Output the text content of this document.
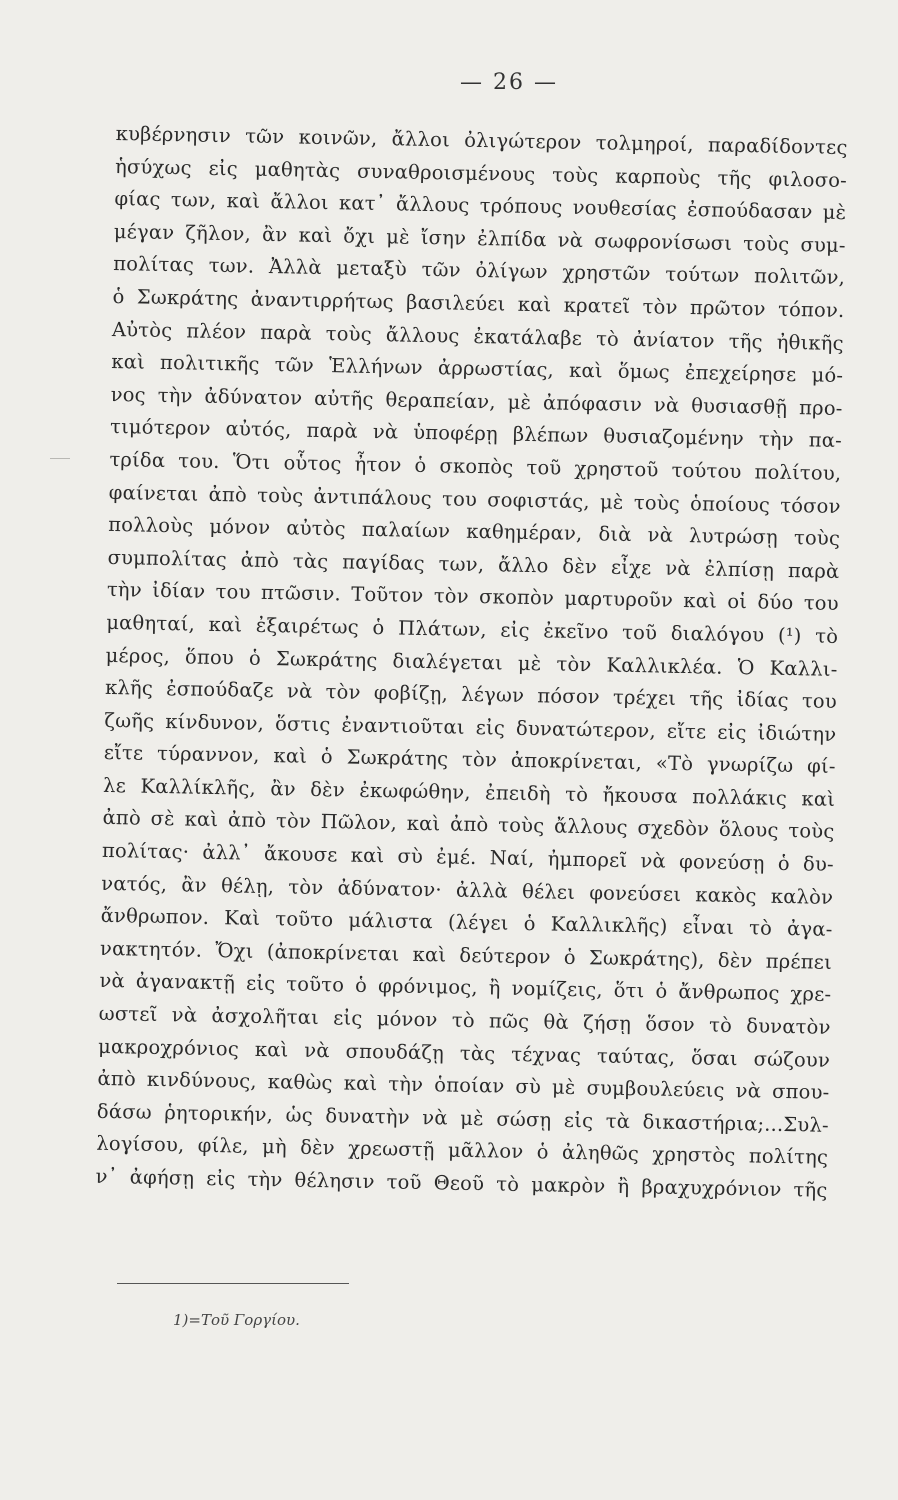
— 26 —
κυβέρνησιν τῶν κοινῶν, ἄλλοι ὀλιγώτερον τολμηροί, παραδίδοντες
ἡσύχως εἰς μαθητὰς συναθροισμένους τοὺς καρποὺς τῆς φιλοσο-
φίας των, καὶ ἄλλοι κατ᾽ ἄλλους τρόπους νουθεσίας ἐσπούδασαν μὲ
μέγαν ζῆλον, ἂν καὶ ὄχι μὲ ἴσην ἐλπίδα νὰ σωφρονίσωσι τοὺς συμ-
πολίτας των. Ἀλλὰ μεταξὺ τῶν ὀλίγων χρηστῶν τούτων πολιτῶν,
ὁ Σωκράτης ἀναντιρρήτως βασιλεύει καὶ κρατεῖ τὸν πρῶτον τόπον.
Αὐτὸς πλέον παρὰ τοὺς ἄλλους ἐκατάλαβε τὸ ἀνίατον τῆς ἠθικῆς
καὶ πολιτικῆς τῶν Ἑλλήνων ἀρρωστίας, καὶ ὅμως ἐπεχείρησε μό-
νος τὴν ἀδύνατον αὐτῆς θεραπείαν, μὲ ἀπόφασιν νὰ θυσιασθῇ προ-
τιμότερον αὐτός, παρὰ νὰ ὑποφέρῃ βλέπων θυσιαζομένην τὴν πα-
τρίδα του. Ὅτι οὗτος ἦτον ὁ σκοπὸς τοῦ χρηστοῦ τούτου πολίτου,
φαίνεται ἀπὸ τοὺς ἀντιπάλους του σοφιστάς, μὲ τοὺς ὁποίους τόσον
πολλοὺς μόνον αὐτὸς παλαίων καθημέραν, διὰ νὰ λυτρώσῃ τοὺς
συμπολίτας ἀπὸ τὰς παγίδας των, ἄλλο δὲν εἶχε νὰ ἐλπίσῃ παρὰ
τὴν ἰδίαν του πτῶσιν. Τοῦτον τὸν σκοπὸν μαρτυροῦν καὶ οἱ δύο του
μαθηταί, καὶ ἐξαιρέτως ὁ Πλάτων, εἰς ἐκεῖνο τοῦ διαλόγου (¹) τὸ
μέρος, ὅπου ὁ Σωκράτης διαλέγεται μὲ τὸν Καλλικλέα. Ὁ Καλλι-
κλῆς ἐσπούδαζε νὰ τὸν φοβίζῃ, λέγων πόσον τρέχει τῆς ἰδίας του
ζωῆς κίνδυνον, ὅστις ἐναντιοῦται εἰς δυνατώτερον, εἴτε εἰς ἰδιώτην
εἴτε τύραννον, καὶ ὁ Σωκράτης τὸν ἀποκρίνεται, «Τὸ γνωρίζω φί-
λε Καλλίκλῆς, ἂν δὲν ἐκωφώθην, ἐπειδὴ τὸ ἤκουσα πολλάκις καὶ
ἀπὸ σὲ καὶ ἀπὸ τὸν Πῶλον, καὶ ἀπὸ τοὺς ἄλλους σχεδὸν ὅλους τοὺς
πολίτας· ἀλλ᾽ ἄκουσε καὶ σὺ ἐμέ. Ναί, ἠμπορεῖ νὰ φονεύσῃ ὁ δυ-
νατός, ἂν θέλῃ, τὸν ἀδύνατον· ἀλλὰ θέλει φονεύσει κακὸς καλὸν
ἄνθρωπον. Καὶ τοῦτο μάλιστα (λέγει ὁ Καλλικλῆς) εἶναι τὸ ἀγα-
νακτητόν. Ὄχι (ἀποκρίνεται καὶ δεύτερον ὁ Σωκράτης), δὲν πρέπει
νὰ ἀγανακτῇ εἰς τοῦτο ὁ φρόνιμος, ἢ νομίζεις, ὅτι ὁ ἄνθρωπος χρε-
ωστεῖ νὰ ἀσχολῆται εἰς μόνον τὸ πῶς θὰ ζήσῃ ὅσον τὸ δυνατὸν
μακροχρόνιος καὶ νὰ σπουδάζῃ τὰς τέχνας ταύτας, ὅσαι σώζουν
ἀπὸ κινδύνους, καθὼς καὶ τὴν ὁποίαν σὺ μὲ συμβουλεύεις νὰ σπου-
δάσω ῥητορικήν, ὡς δυνατὴν νὰ μὲ σώσῃ εἰς τὰ δικαστήρια;...Συλ-
λογίσου, φίλε, μὴ δὲν χρεωστῇ μᾶλλον ὁ ἀληθῶς χρηστὸς πολίτης
ν᾽ ἀφήσῃ εἰς τὴν θέλησιν τοῦ Θεοῦ τὸ μακρὸν ἢ βραχυχρόνιον τῆς
1)=Τοῦ Γοργίου.
